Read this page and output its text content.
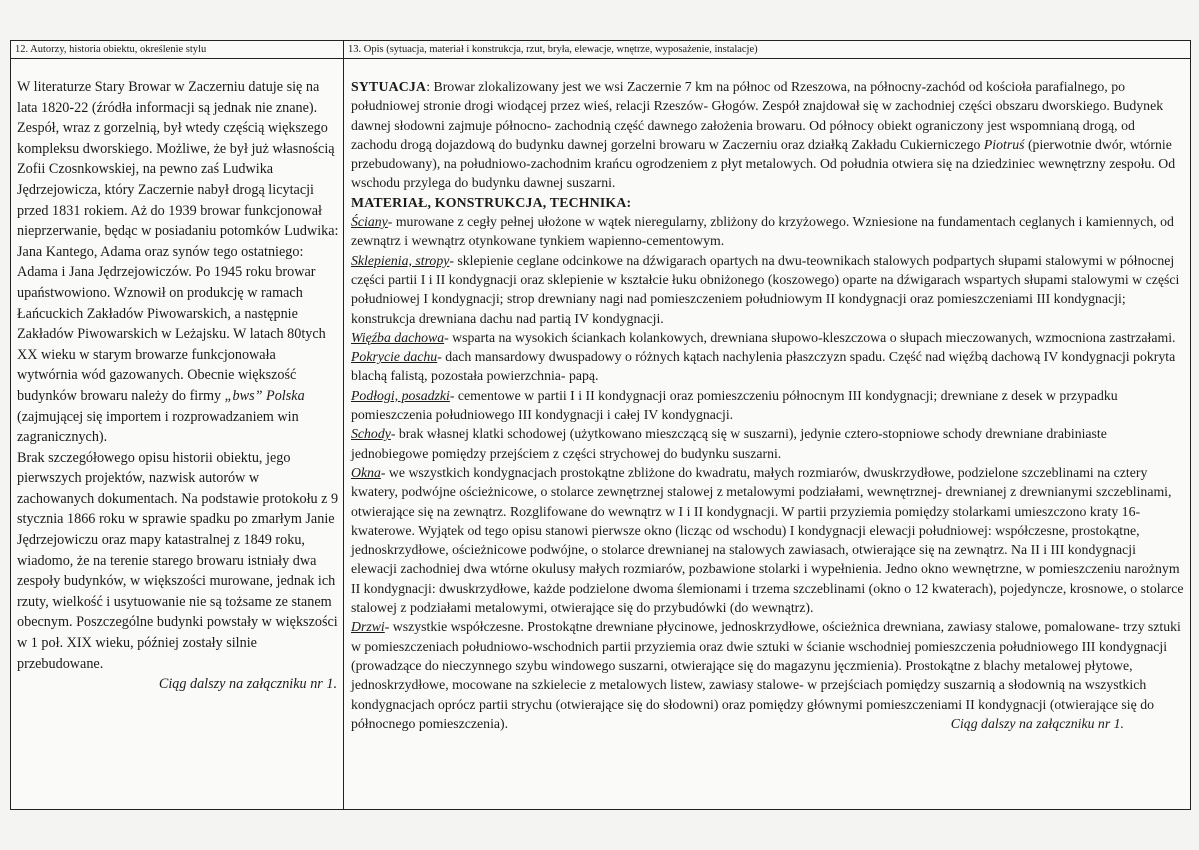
12. Autorzy, historia obiektu, określenie stylu

W literaturze Stary Browar w Zaczerniu datuje się na lata 1820-22 (źródła informacji są jednak nie znane). Zespół, wraz z gorzelnią, był wtedy częścią większego kompleksu dworskiego. Możliwe, że był już własnością Zofii Czosnkowskiej, na pewno zaś Ludwika Jędrzejowicza, który Zaczernie nabył drogą licytacji przed 1831 rokiem. Aż do 1939 browar funkcjonował nieprzerwanie, będąc w posiadaniu potomków Ludwika: Jana Kantego, Adama oraz synów tego ostatniego: Adama i Jana Jędrzejowiczów. Po 1945 roku browar upaństwowiono. Wznowił on produkcję w ramach Łańcuckich Zakładów Piwowarskich, a następnie Zakładów Piwowarskich w Leżajsku. W latach 80tych XX wieku w starym browarze funkcjonowała wytwórnia wód gazowanych. Obecnie większość budynków browaru należy do firmy „bws” Polska (zajmującej się importem i rozprowadzaniem win zagranicznych).

Brak szczegółowego opisu historii obiektu, jego pierwszych projektów, nazwisk autorów w zachowanych dokumentach. Na podstawie protokołu z 9 stycznia 1866 roku w sprawie spadku po zmarłym Janie Jędrzejowiczu oraz mapy katastralnej z 1849 roku, wiadomo, że na terenie starego browaru istniały dwa zespoły budynków, w większości murowane, jednak ich rzuty, wielkość i usytuowanie nie są tożsame ze stanem obecnym. Poszczególne budynki powstały w większości w 1 poł. XIX wieku, później zostały silnie przebudowane.

Ciąg dalszy na załączniku nr 1.

13. Opis (sytuacja, materiał i konstrukcja, rzut, bryła, elewacje, wnętrze, wyposażenie, instalacje)

SYTUACJA: Browar zlokalizowany jest we wsi Zaczernie 7 km na północ od Rzeszowa, na północny-zachód od kościoła parafialnego, po południowej stronie drogi wiodącej przez wieś, relacji Rzeszów- Głogów. Zespół znajdował się w zachodniej części obszaru dworskiego. Budynek dawnej słodowni zajmuje północno- zachodnią część dawnego założenia browaru. Od północy obiekt ograniczony jest wspomnianą drogą, od zachodu drogą dojazdową do budynku dawnej gorzelni browaru w Zaczerniu oraz działką Zakładu Cukierniczego Piotruś (pierwotnie dwór, wtórnie przebudowany), na południowo-zachodnim krańcu ogrodzeniem z płyt metalowych. Od południa otwiera się na dziedziniec wewnętrzny zespołu. Od wschodu przylega do budynku dawnej suszarni.

MATERIAŁ, KONSTRUKCJA, TECHNIKA:

Ściany- murowane z cegły pełnej ułożone w wątek nieregularny, zbliżony do krzyżowego. Wzniesione na fundamentach ceglanych i kamiennych, od zewnątrz i wewnątrz otynkowane tynkiem wapienno-cementowym.

Sklepienia, stropy- sklepienie ceglane odcinkowe na dźwigarach opartych na dwu-teownikach stalowych podpartych słupami stalowymi w północnej części partii I i II kondygnacji oraz sklepienie w kształcie łuku obniżonego (koszowego) oparte na dźwigarach wspartych słupami stalowymi w części południowej I kondygnacji; strop drewniany nagi nad pomieszczeniem południowym II kondygnacji oraz pomieszczeniami III kondygnacji; konstrukcja drewniana dachu nad partią IV kondygnacji.

Więźba dachowa- wsparta na wysokich ściankach kolankowych, drewniana słupowo-kleszczowa o słupach mieczowanych, wzmocniona zastrzałami.

Pokrycie dachu- dach mansardowy dwuspadowy o różnych kątach nachylenia płaszczyzn spadu. Część nad więźbą dachową IV kondygnacji pokryta blachą falistą, pozostała powierzchnia- papą.

Podłogi, posadzki- cementowe w partii I i II kondygnacji oraz pomieszczeniu północnym III kondygnacji; drewniane z desek w przypadku pomieszczenia południowego III kondygnacji i całej IV kondygnacji.

Schody- brak własnej klatki schodowej (użytkowano mieszczącą się w suszarni), jedynie cztero-stopniowe schody drewniane drabiniaste jednobiegowe pomiędzy przejściem z części strychowej do budynku suszarni.

Okna- we wszystkich kondygnacjach prostokątne zbliżone do kwadratu, małych rozmiarów, dwuskrzydłowe, podzielone szczeblinami na cztery kwatery, podwójne ościeżnicowe, o stolarce zewnętrznej stalowej z metalowymi podziałami, wewnętrznej- drewnianej z drewnianymi szczeblinami, otwierające się na zewnątrz. Rozglifowane do wewnątrz w I i II kondygnacji. W partii przyziemia pomiędzy stolarkami umieszczono kraty 16-kwaterowe. Wyjątek od tego opisu stanowi pierwsze okno (licząc od wschodu) I kondygnacji elewacji południowej: współczesne, prostokątne, jednoskrzydłowe, ościeżnicowe podwójne, o stolarce drewnianej na stalowych zawiasach, otwierające się na zewnątrz. Na II i III kondygnacji elewacji zachodniej dwa wtórne okulusy małych rozmiarów, pozbawione stolarki i wypełnienia. Jedno okno wewnętrzne, w pomieszczeniu narożnym II kondygnacji: dwuskrzydłowe, każde podzielone dwoma ślemionami i trzema szczeblinami (okno o 12 kwaterach), pojedyncze, krosnowe, o stolarce stalowej z podziałami metalowymi, otwierające się do przybudówki (do wewnątrz).

Drzwi- wszystkie współczesne. Prostokątne drewniane płycinowe, jednoskrzydłowe, ościeżnica drewniana, zawiasy stalowe, pomalowane- trzy sztuki w pomieszczeniach południowo-wschodnich partii przyziemia oraz dwie sztuki w ścianie wschodniej pomieszczenia południowego III kondygnacji (prowadzące do nieczynnego szybu windowego suszarni, otwierające się do magazynu jęczmienia). Prostokątne z blachy metalowej płytowe, jednoskrzydłowe, mocowane na szkielecie z metalowych listew, zawiasy stalowe- w przejściach pomiędzy suszarnią a słodownią na wszystkich kondygnacjach oprócz partii strychu (otwierające się do słodowni) oraz pomiędzy głównymi pomieszczeniami II kondygnacji (otwierające się do północnego pomieszczenia).	Ciąg dalszy na załączniku nr 1.
